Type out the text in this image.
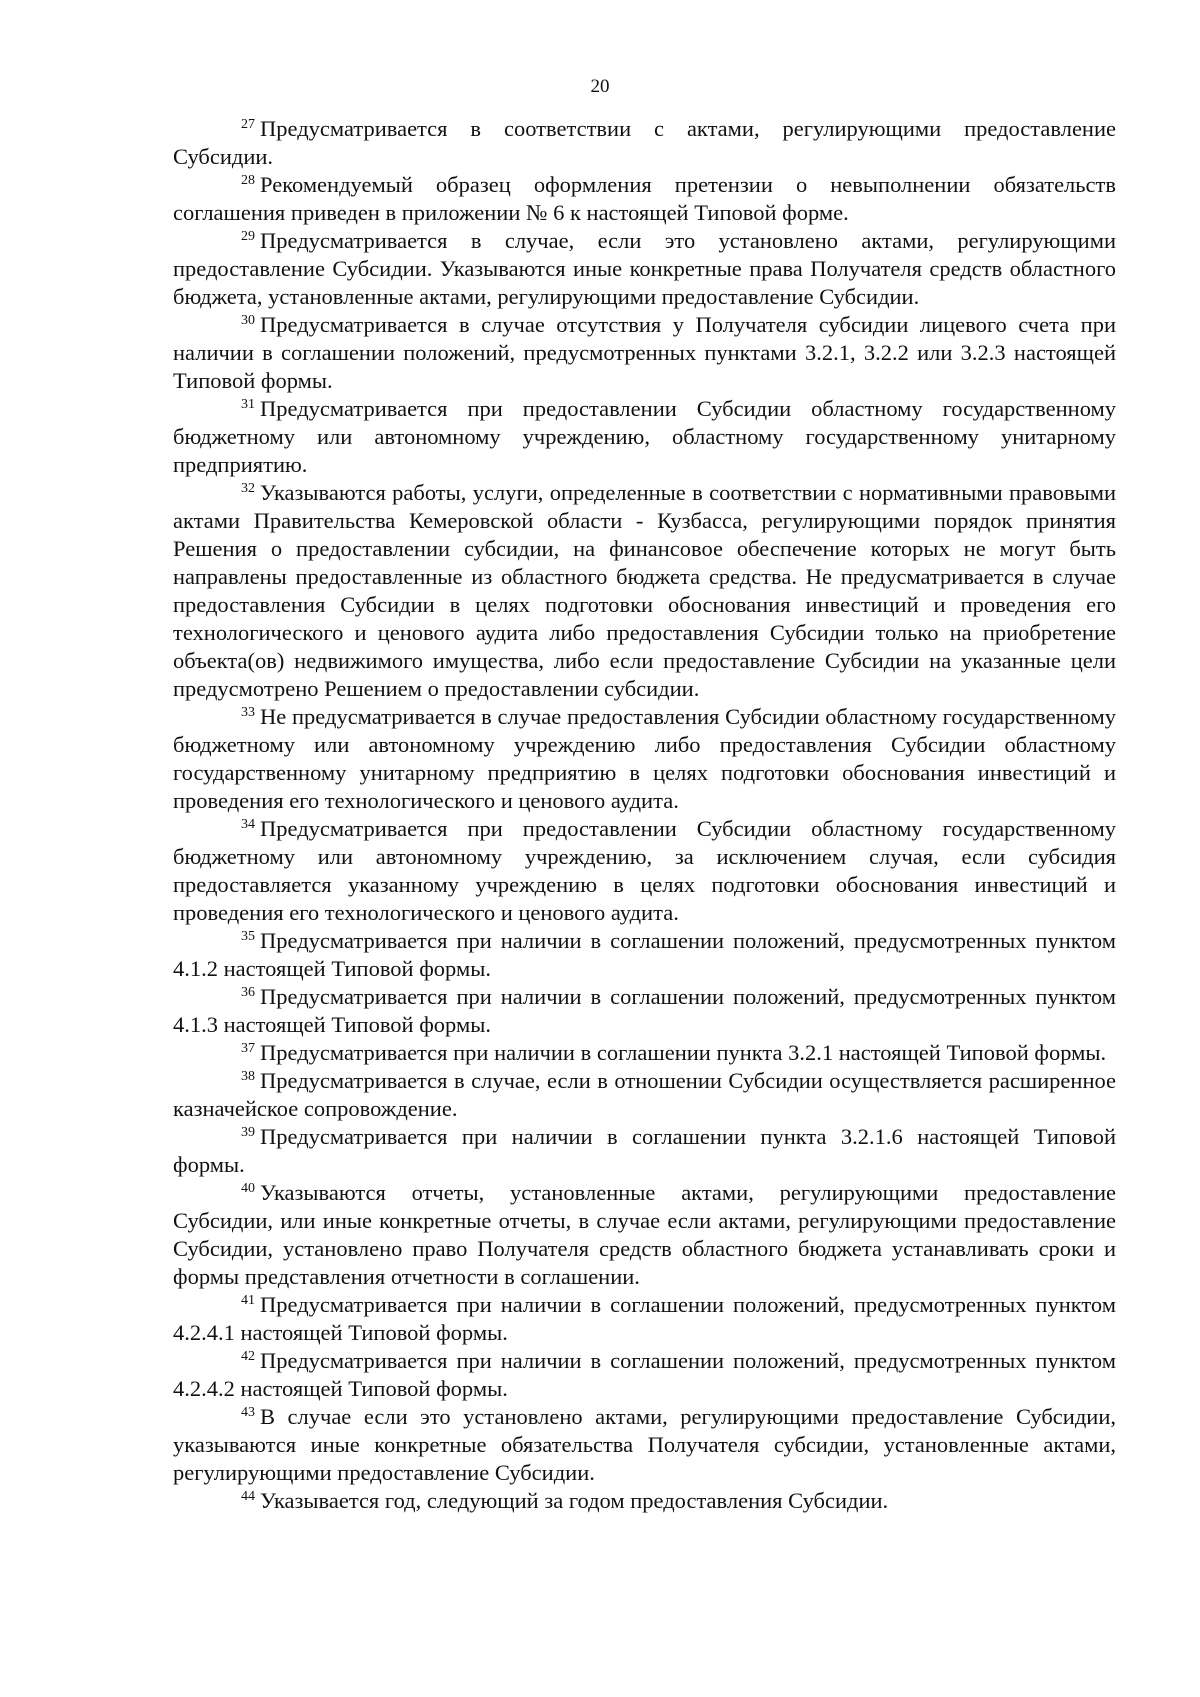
20

$^{27}$ Предусматривается в соответствии с актами, регулирующими предоставление Субсидии.

$^{28}$ Рекомендуемый образец оформления претензии о невыполнении обязательств соглашения приведен в приложении № 6 к настоящей Типовой форме.

$^{29}$ Предусматривается в случае, если это установлено актами, регулирующими предоставление Субсидии. Указываются иные конкретные права Получателя средств областного бюджета, установленные актами, регулирующими предоставление Субсидии.

$^{30}$ Предусматривается в случае отсутствия у Получателя субсидии лицевого счета при наличии в соглашении положений, предусмотренных пунктами 3.2.1, 3.2.2 или 3.2.3 настоящей Типовой формы.

$^{31}$ Предусматривается при предоставлении Субсидии областному государственному бюджетному или автономному учреждению, областному государственному унитарному предприятию.

$^{32}$ Указываются работы, услуги, определенные в соответствии с нормативными правовыми актами Правительства Кемеровской области - Кузбасса, регулирующими порядок принятия Решения о предоставлении субсидии, на финансовое обеспечение которых не могут быть направлены предоставленные из областного бюджета средства. Не предусматривается в случае предоставления Субсидии в целях подготовки обоснования инвестиций и проведения его технологического и ценового аудита либо предоставления Субсидии только на приобретение объекта(ов) недвижимого имущества, либо если предоставление Субсидии на указанные цели предусмотрено Решением о предоставлении субсидии.

$^{33}$ Не предусматривается в случае предоставления Субсидии областному государственному бюджетному или автономному учреждению либо предоставления Субсидии областному государственному унитарному предприятию в целях подготовки обоснования инвестиций и проведения его технологического и ценового аудита.

$^{34}$ Предусматривается при предоставлении Субсидии областному государственному бюджетному или автономному учреждению, за исключением случая, если субсидия предоставляется указанному учреждению в целях подготовки обоснования инвестиций и проведения его технологического и ценового аудита.

$^{35}$ Предусматривается при наличии в соглашении положений, предусмотренных пунктом 4.1.2 настоящей Типовой формы.

$^{36}$ Предусматривается при наличии в соглашении положений, предусмотренных пунктом 4.1.3 настоящей Типовой формы.

$^{37}$ Предусматривается при наличии в соглашении пункта 3.2.1 настоящей Типовой формы.

$^{38}$ Предусматривается в случае, если в отношении Субсидии осуществляется расширенное казначейское сопровождение.

$^{39}$ Предусматривается при наличии в соглашении пункта 3.2.1.6 настоящей Типовой формы.

$^{40}$ Указываются отчеты, установленные актами, регулирующими предоставление Субсидии, или иные конкретные отчеты, в случае если актами, регулирующими предоставление Субсидии, установлено право Получателя средств областного бюджета устанавливать сроки и формы представления отчетности в соглашении.

$^{41}$ Предусматривается при наличии в соглашении положений, предусмотренных пунктом 4.2.4.1 настоящей Типовой формы.

$^{42}$ Предусматривается при наличии в соглашении положений, предусмотренных пунктом 4.2.4.2 настоящей Типовой формы.

$^{43}$ В случае если это установлено актами, регулирующими предоставление Субсидии, указываются иные конкретные обязательства Получателя субсидии, установленные актами, регулирующими предоставление Субсидии.

$^{44}$ Указывается год, следующий за годом предоставления Субсидии.
